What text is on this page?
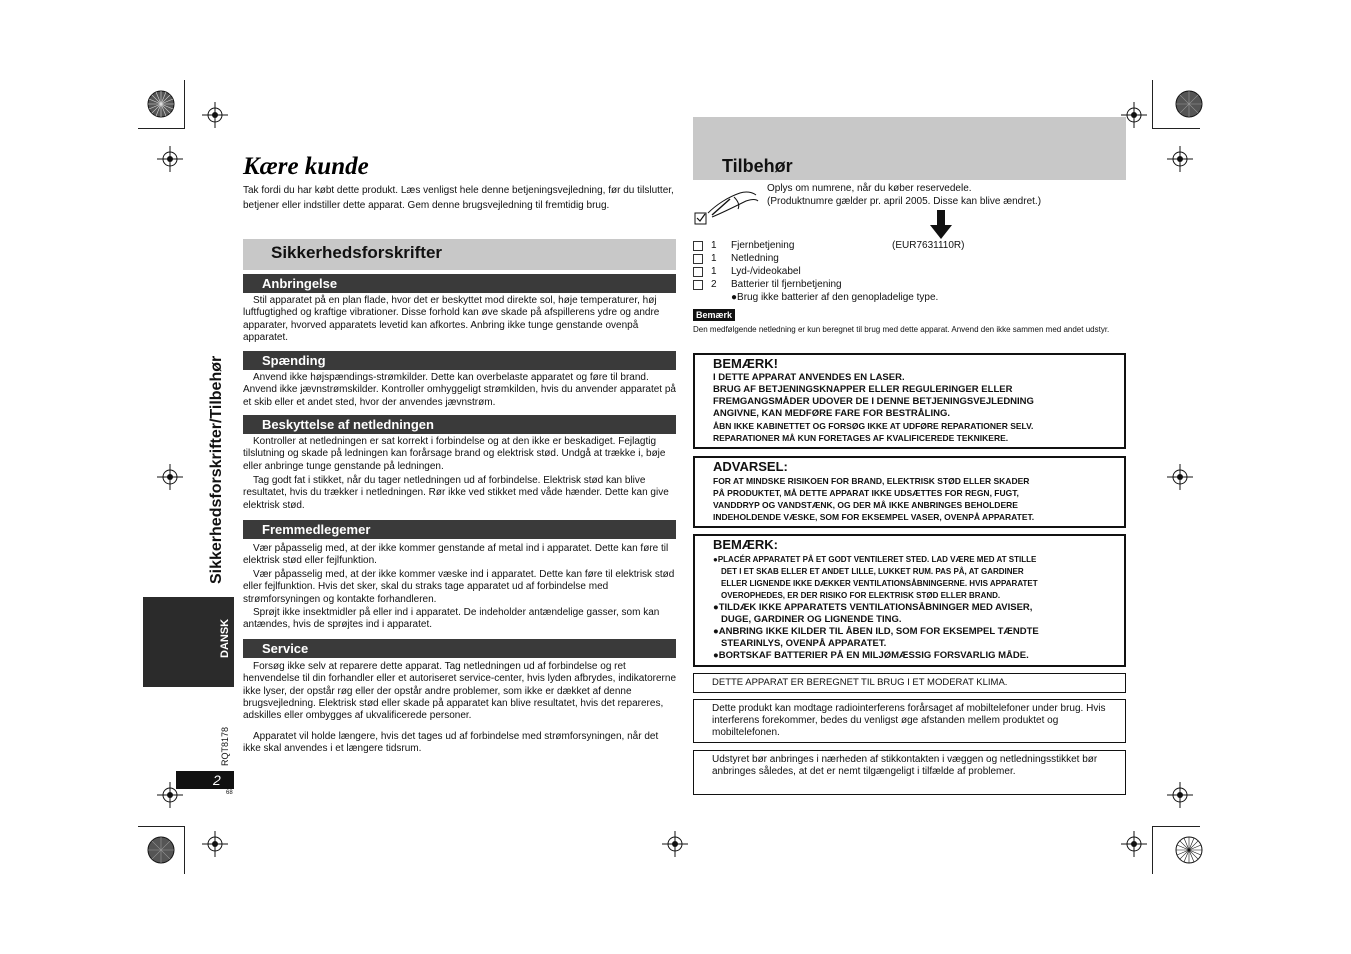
Kære kunde

Tak fordi du har købt dette produkt. Læs venligst hele denne betjeningsvejledning, før du tilslutter, betjener eller indstiller dette apparat. Gem denne brugsvejledning til fremtidig brug.

Sikkerhedsforskrifter
Anbringelse

Stil apparatet på en plan flade, hvor det er beskyttet mod direkte sol, høje temperaturer, høj luftfugtighed og kraftige vibrationer. Disse forhold kan øve skade på afspillerens ydre og andre apparater, hvorved apparatets levetid kan afkortes. Anbring ikke tunge genstande ovenpå apparatet.

Spænding

Anvend ikke højspændings-strømkilder. Dette kan overbelaste apparatet og føre til brand. Anvend ikke jævnstrømskilder. Kontroller omhyggeligt strømkilden, hvis du anvender apparatet på et skib eller et andet sted, hvor der anvendes jævnstrøm.

Beskyttelse af netledningen

Kontroller at netledningen er sat korrekt i forbindelse og at den ikke er beskadiget. Fejlagtig tilslutning og skade på ledningen kan forårsage brand og elektrisk stød. Undgå at trække i, bøje eller anbringe tunge genstande på ledningen.

Tag godt fat i stikket, når du tager netledningen ud af forbindelse. Elektrisk stød kan blive resultatet, hvis du trækker i netledningen. Rør ikke ved stikket med våde hænder. Dette kan give elektrisk stød.

Fremmedlegemer

Vær påpasselig med, at der ikke kommer genstande af metal ind i apparatet. Dette kan føre til elektrisk stød eller fejlfunktion.

Vær påpasselig med, at der ikke kommer væske ind i apparatet. Dette kan føre til elektrisk stød eller fejlfunktion. Hvis det sker, skal du straks tage apparatet ud af forbindelse med strømforsyningen og kontakte forhandleren.

Sprøjt ikke insektmidler på eller ind i apparatet. De indeholder antændelige gasser, som kan antændes, hvis de sprøjtes ind i apparatet.

Service

Forsøg ikke selv at reparere dette apparat. Tag netledningen ud af forbindelse og ret henvendelse til din forhandler eller et autoriseret service-center, hvis lyden afbrydes, indikatorerne ikke lyser, der opstår røg eller der opstår andre problemer, som ikke er dækket af denne brugsvejledning. Elektrisk stød eller skade på apparatet kan blive resultatet, hvis det repareres, adskilles eller ombygges af ukvalificerede personer.

Apparatet vil holde længere, hvis det tages ud af forbindelse med strømforsyningen, når det ikke skal anvendes i et længere tidsrum.

Sikkerhedsforskrifter/Tilbehør
DANSK
RQT8178
2
68
Tilbehør
Oplys om numrene, når du køber reservedele.
(Produktnumre gælder pr. april 2005. Disse kan blive ændret.)
1 Fjernbetjening	(EUR7631110R)
1 Netledning
1 Lyd-/videokabel
2 Batterier til fjernbetjening
●Brug ikke batterier af den genopladelige type.
Bemærk

Den medfølgende netledning er kun beregnet til brug med dette apparat. Anvend den ikke sammen med andet udstyr.

BEMÆRK!
I DETTE APPARAT ANVENDES EN LASER.
BRUG AF BETJENINGSKNAPPER ELLER REGULERINGER ELLER
FREMGANGSMÅDER UDOVER DE I DENNE BETJENINGSVEJLEDNING
ANGIVNE, KAN MEDFØRE FARE FOR BESTRÅLING.
ÅBN IKKE KABINETTET OG FORSØG IKKE AT UDFØRE REPARATIONER SELV.
REPARATIONER MÅ KUN FORETAGES AF KVALIFICEREDE TEKNIKERE.
ADVARSEL:
FOR AT MINDSKE RISIKOEN FOR BRAND, ELEKTRISK STØD ELLER SKADER
PÅ PRODUKTET, MÅ DETTE APPARAT IKKE UDSÆTTES FOR REGN, FUGT,
VANDDRYP OG VANDSTÆNK, OG DER MÅ IKKE ANBRINGES BEHOLDERE
INDEHOLDENDE VÆSKE, SOM FOR EKSEMPEL VASER, OVENPÅ APPARATET.
BEMÆRK:
●PLACÉR APPARATET PÅ ET GODT VENTILERET STED. LAD VÆRE MED AT STILLE
DET I ET SKAB ELLER ET ANDET LILLE, LUKKET RUM. PAS PÅ, AT GARDINER
ELLER LIGNENDE IKKE DÆKKER VENTILATIONSÅBNINGERNE. HVIS APPARATET
OVEROPHEDES, ER DER RISIKO FOR ELEKTRISK STØD ELLER BRAND.
●TILDÆK IKKE APPARATETS VENTILATIONSÅBNINGER MED AVISER,
DUGE, GARDINER OG LIGNENDE TING.
●ANBRING IKKE KILDER TIL ÅBEN ILD, SOM FOR EKSEMPEL TÆNDTE
STEARINLYS, OVENPÅ APPARATET.
●BORTSKAF BATTERIER PÅ EN MILJØMÆSSIG FORSVARLIG MÅDE.
DETTE APPARAT ER BEREGNET TIL BRUG I ET MODERAT KLIMA.
Dette produkt kan modtage radiointerferens forårsaget af mobiltelefoner under brug. Hvis interferens forekommer, bedes du venligst øge afstanden mellem produktet og mobiltelefonen.
Udstyret bør anbringes i nærheden af stikkontakten i væggen og netledningsstikket bør anbringes således, at det er nemt tilgængeligt i tilfælde af problemer.
